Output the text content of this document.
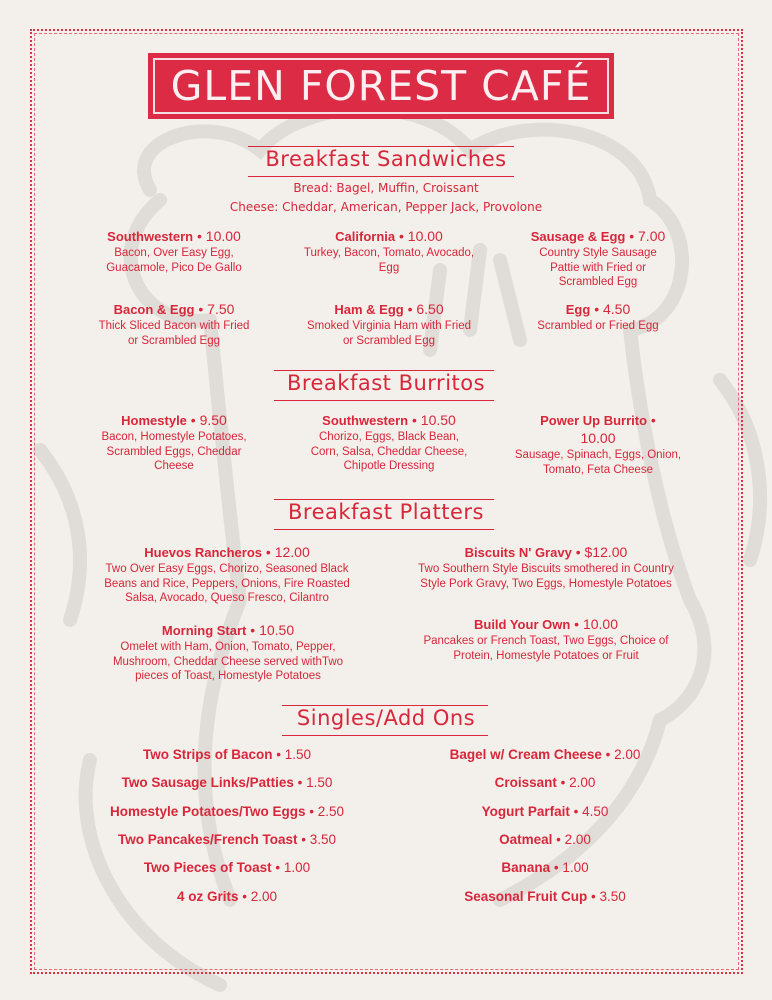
GLEN FOREST CAFÉ
Breakfast Sandwiches
Bread: Bagel, Muffin, Croissant
Cheese: Cheddar, American, Pepper Jack, Provolone
Southwestern • 10.00
Bacon, Over Easy Egg, Guacamole, Pico De Gallo
California • 10.00
Turkey, Bacon, Tomato, Avocado, Egg
Sausage & Egg • 7.00
Country Style Sausage Pattie with Fried or Scrambled Egg
Bacon & Egg • 7.50
Thick Sliced Bacon with Fried or Scrambled Egg
Ham & Egg • 6.50
Smoked Virginia Ham with Fried or Scrambled Egg
Egg • 4.50
Scrambled or Fried Egg
Breakfast Burritos
Homestyle • 9.50
Bacon, Homestyle Potatoes, Scrambled Eggs, Cheddar Cheese
Southwestern • 10.50
Chorizo, Eggs, Black Bean, Corn, Salsa, Cheddar Cheese, Chipotle Dressing
Power Up Burrito • 10.00
Sausage, Spinach, Eggs, Onion, Tomato, Feta Cheese
Breakfast Platters
Huevos Rancheros • 12.00
Two Over Easy Eggs, Chorizo, Seasoned Black Beans and Rice, Peppers, Onions, Fire Roasted Salsa, Avocado, Queso Fresco, Cilantro
Biscuits N' Gravy • $12.00
Two Southern Style Biscuits smothered in Country Style Pork Gravy, Two Eggs, Homestyle Potatoes
Morning Start • 10.50
Omelet with Ham, Onion, Tomato, Pepper, Mushroom, Cheddar Cheese served withTwo pieces of Toast, Homestyle Potatoes
Build Your Own • 10.00
Pancakes or French Toast, Two Eggs, Choice of Protein, Homestyle Potatoes or Fruit
Singles/Add Ons
Two Strips of Bacon • 1.50
Two Sausage Links/Patties • 1.50
Homestyle Potatoes/Two Eggs • 2.50
Two Pancakes/French Toast • 3.50
Two Pieces of Toast • 1.00
4 oz Grits • 2.00
Bagel w/ Cream Cheese • 2.00
Croissant • 2.00
Yogurt Parfait • 4.50
Oatmeal • 2.00
Banana • 1.00
Seasonal Fruit Cup • 3.50
